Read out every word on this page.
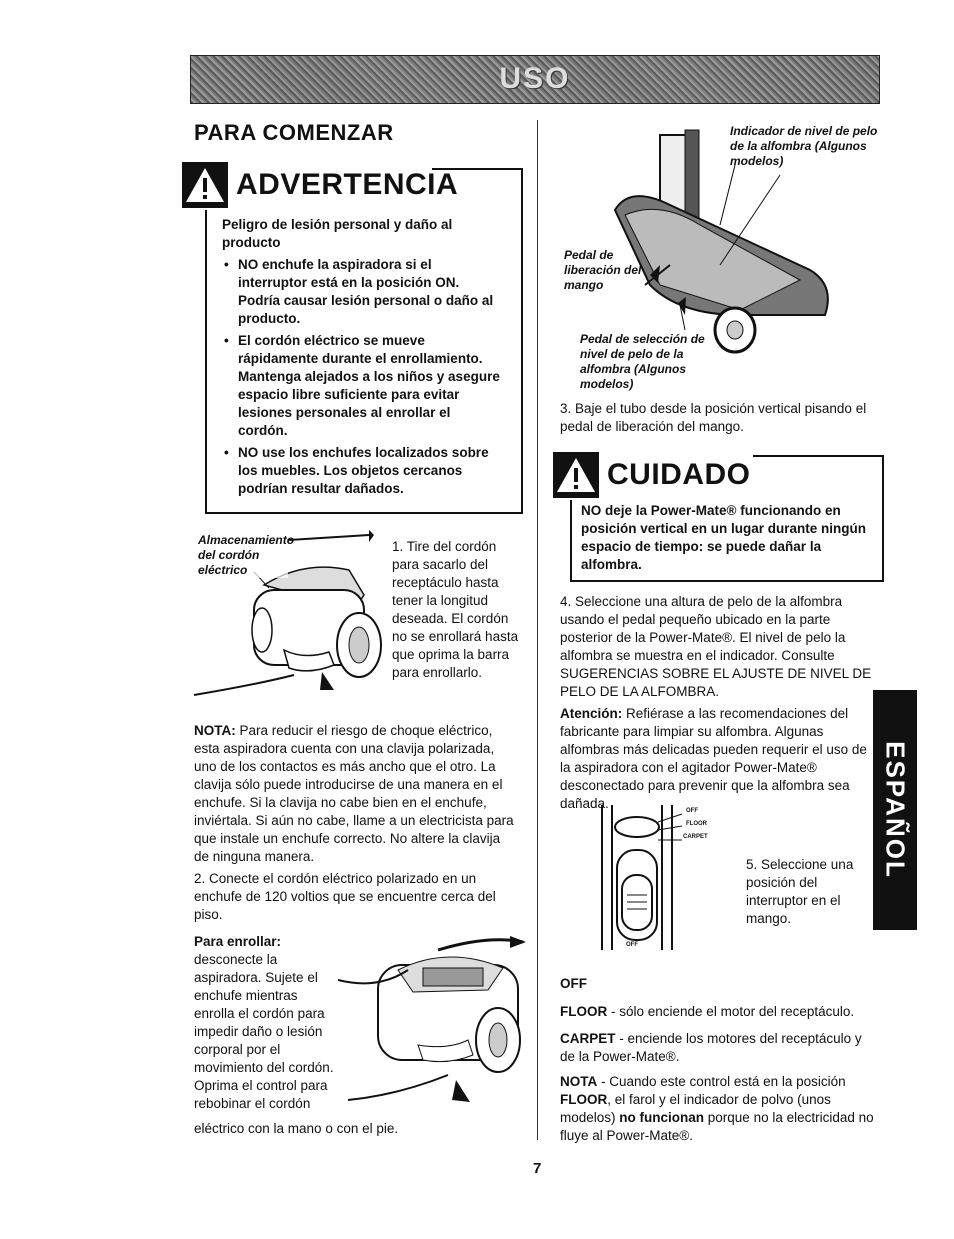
USO
PARA COMENZAR
ADVERTENCIA
Peligro de lesión personal y daño al producto
• NO enchufe la aspiradora si el interruptor está en la posición ON. Podría causar lesión personal o daño al producto.
• El cordón eléctrico se mueve rápidamente durante el enrollamiento. Mantenga alejados a los niños y asegure espacio libre suficiente para evitar lesiones personales al enrollar el cordón.
• NO use los enchufes localizados sobre los muebles. Los objetos cercanos podrían resultar dañados.
Almacenamiento del cordón eléctrico
1. Tire del cordón para sacarlo del receptáculo hasta tener la longitud deseada. El cordón no se enrollará hasta que oprima la barra para enrollarlo.
NOTA: Para reducir el riesgo de choque eléctrico, esta aspiradora cuenta con una clavija polarizada, uno de los contactos es más ancho que el otro. La clavija sólo puede introducirse de una manera en el enchufe. Si la clavija no cabe bien en el enchufe, inviértala. Si aún no cabe, llame a un electricista para que instale un enchufe correcto. No altere la clavija de ninguna manera.
2. Conecte el cordón eléctrico polarizado en un enchufe de 120 voltios que se encuentre cerca del piso.
Para enrollar: desconecte la aspiradora. Sujete el enchufe mientras enrolla el cordón para impedir daño o lesión corporal por el movimiento del cordón. Oprima el control para rebobinar el cordón
eléctrico con la mano o con el pie.
Indicador de nivel de pelo de la alfombra (Algunos modelos)
Pedal de liberación del mango
Pedal de selección de nivel de pelo de la alfombra (Algunos modelos)
3. Baje el tubo desde la posición vertical pisando el pedal de liberación del mango.
CUIDADO
NO deje la Power-Mate® funcionando en posición vertical en un lugar durante ningún espacio de tiempo: se puede dañar la alfombra.
4. Seleccione una altura de pelo de la alfombra usando el pedal pequeño ubicado en la parte posterior de la Power-Mate®. El nivel de pelo la alfombra se muestra en el indicador. Consulte SUGERENCIAS SOBRE EL AJUSTE DE NIVEL DE PELO DE LA ALFOMBRA.
Atención: Refiérase a las recomendaciones del fabricante para limpiar su alfombra. Algunas alfombras más delicadas pueden requerir el uso de la aspiradora con el agitador Power-Mate® desconectado para prevenir que la alfombra sea dañada.	OFF
FLOOR
CARPET
OFF
5. Seleccione una posición del interruptor en el mango.
OFF
FLOOR - sólo enciende el motor del receptáculo.
CARPET - enciende los motores del receptáculo y de la Power-Mate®.
NOTA - Cuando este control está en la posición FLOOR, el farol y el indicador de polvo (unos modelos) no funcionan porque no la electricidad no fluye al Power-Mate®.
ESPAÑOL
7
